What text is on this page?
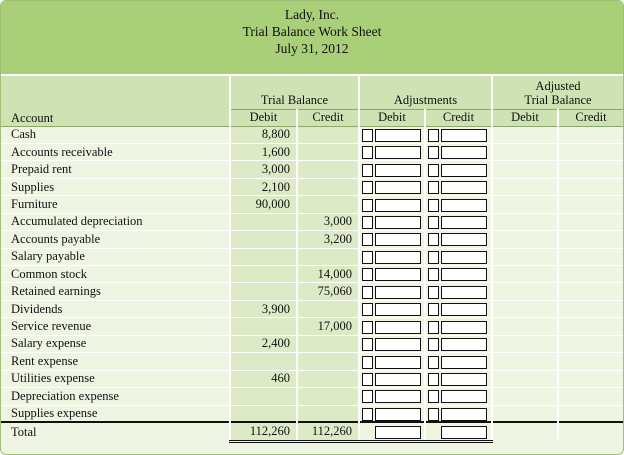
Lady, Inc.
Trial Balance Work Sheet
July 31, 2012
Account	Trial Balance		Adjustments		Adjusted
Trial Balance	
	Debit	Credit	Debit	Credit	Debit	Credit
Cash	8,800					
Accounts receivable	1,600					
Prepaid rent	3,000					
Supplies	2,100					
Furniture	90,000					
Accumulated depreciation		3,000				
Accounts payable		3,200				
Salary payable						
Common stock		14,000				
Retained earnings		75,060				
Dividends	3,900					
Service revenue		17,000				
Salary expense	2,400					
Rent expense						
Utilities expense	460					
Depreciation expense						
Supplies expense						
Total	112,260	112,260				
